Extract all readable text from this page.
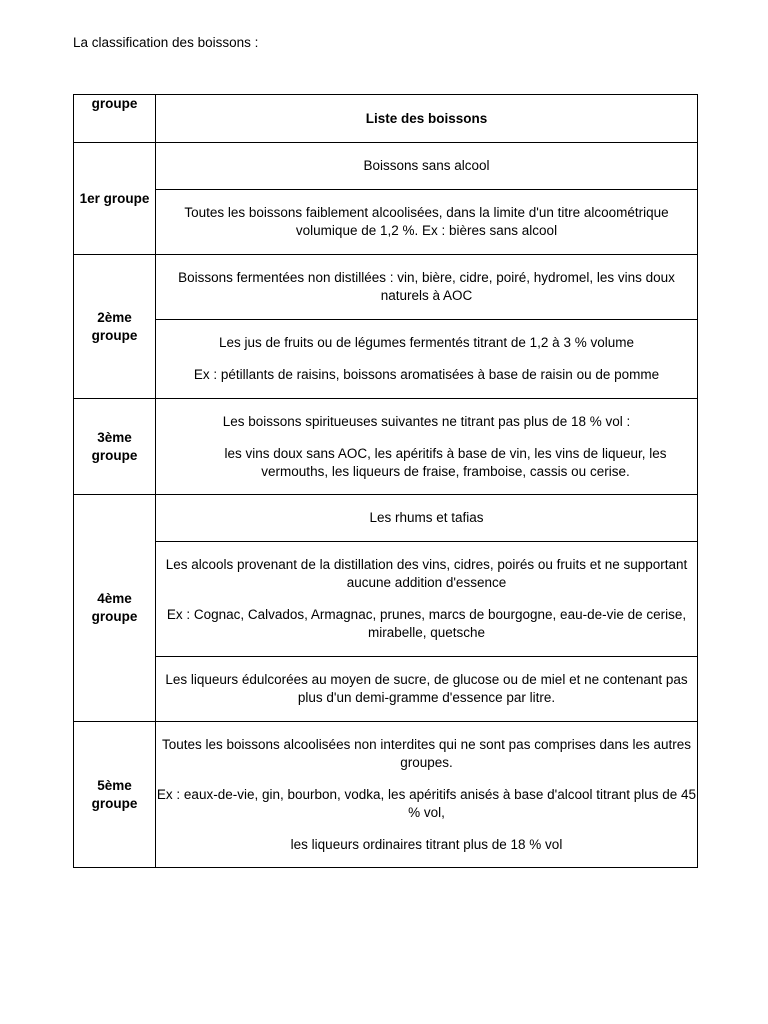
La classification des boissons :
groupe	Liste des boissons
1er groupe	Boissons sans alcool

	Toutes les boissons faiblement alcoolisées, dans la limite d'un titre alcoométrique volumique de 1,2 %. Ex : bières sans alcool

2ème groupe	Boissons fermentées non distillées : vin, bière, cidre, poiré, hydromel, les vins doux naturels à AOC

	Les jus de fruits ou de légumes fermentés titrant de 1,2 à 3 % volume
Ex : pétillants de raisins, boissons aromatisées à base de raisin ou de pomme

3ème groupe	Les boissons spiritueuses suivantes ne titrant pas plus de 18 % vol :
les vins doux sans AOC, les apéritifs à base de vin, les vins de liqueur, les vermouths, les liqueurs de fraise, framboise, cassis ou cerise.

4ème groupe	Les rhums et tafias

	Les alcools provenant de la distillation des vins, cidres, poirés ou fruits et ne supportant aucune addition d'essence
Ex : Cognac, Calvados, Armagnac, prunes, marcs de bourgogne, eau-de-vie de cerise, mirabelle, quetsche

	Les liqueurs édulcorées au moyen de sucre, de glucose ou de miel et ne contenant pas plus d'un demi-gramme d'essence par litre.

5ème groupe	Toutes les boissons alcoolisées non interdites qui ne sont pas comprises dans les autres groupes.
Ex : eaux-de-vie, gin, bourbon, vodka, les apéritifs anisés à base d'alcool titrant plus de 45 % vol,
les liqueurs ordinaires titrant plus de 18 % vol
